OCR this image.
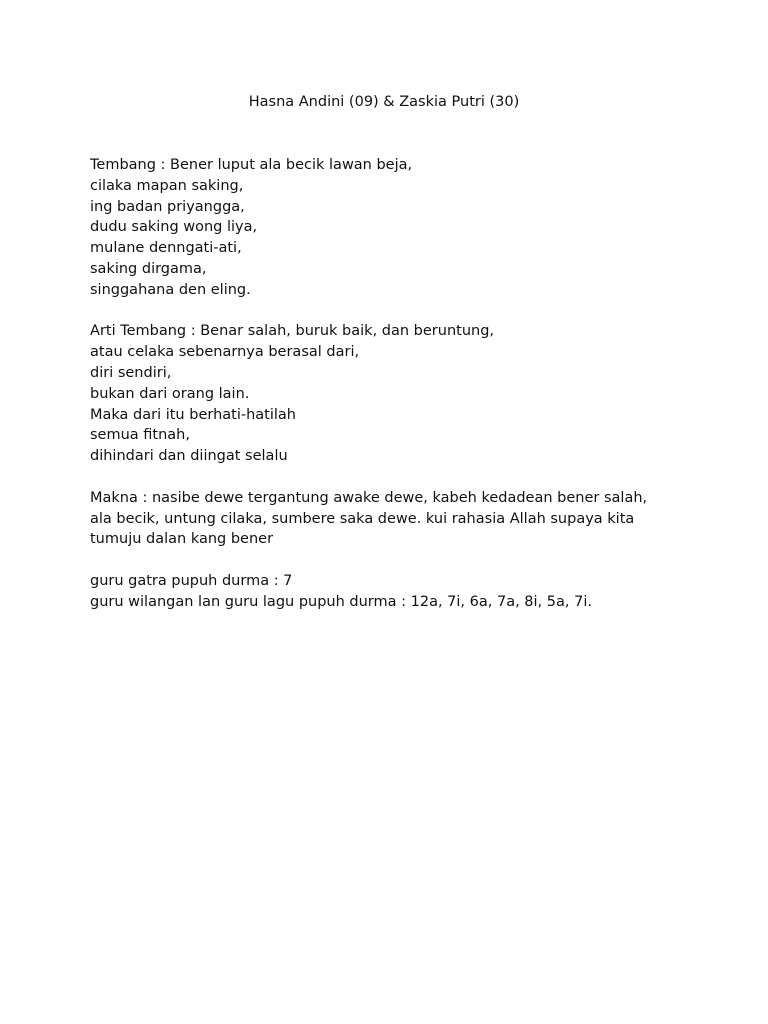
Hasna Andini (09) & Zaskia Putri (30)
Tembang : Bener luput ala becik lawan beja,
cilaka mapan saking,
ing badan priyangga,
dudu saking wong liya,
mulane denngati-ati,
saking dirgama,
singgahana den eling.
Arti Tembang : Benar salah, buruk baik, dan beruntung,
atau celaka sebenarnya berasal dari,
diri sendiri,
bukan dari orang lain.
Maka dari itu berhati-hatilah
semua fitnah,
dihindari dan diingat selalu
Makna : nasibe dewe tergantung awake dewe, kabeh kedadean bener salah,
ala becik, untung cilaka, sumbere saka dewe. kui rahasia Allah supaya kita
tumuju dalan kang bener
guru gatra pupuh durma : 7
guru wilangan lan guru lagu pupuh durma : 12a, 7i, 6a, 7a, 8i, 5a, 7i.
